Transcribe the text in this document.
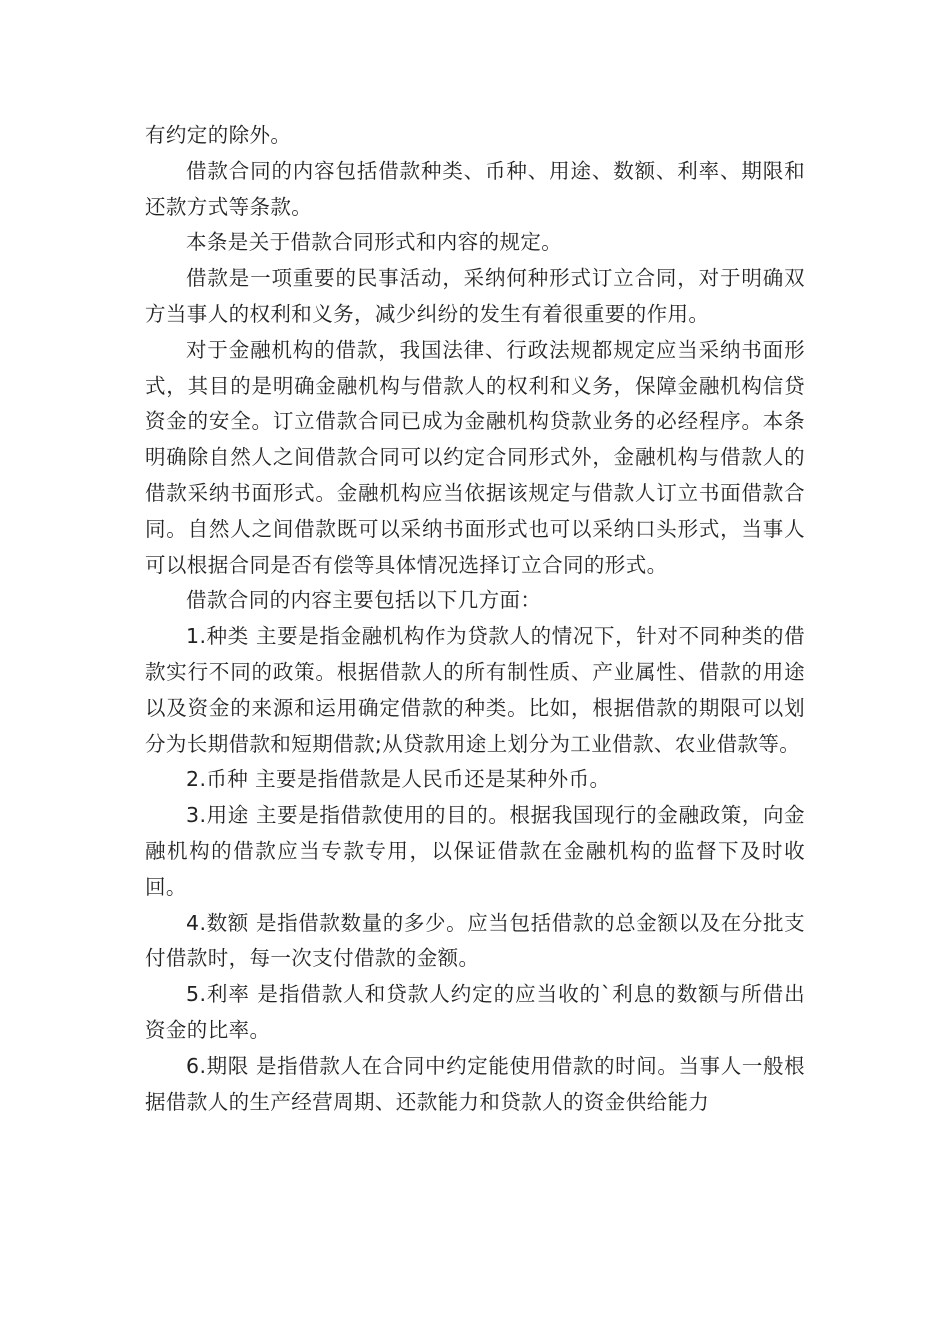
有约定的除外。

借款合同的内容包括借款种类、币种、用途、数额、利率、期限和还款方式等条款。

本条是关于借款合同形式和内容的规定。

借款是一项重要的民事活动，采纳何种形式订立合同，对于明确双方当事人的权利和义务，减少纠纷的发生有着很重要的作用。

对于金融机构的借款，我国法律、行政法规都规定应当采纳书面形式，其目的是明确金融机构与借款人的权利和义务，保障金融机构信贷资金的安全。订立借款合同已成为金融机构贷款业务的必经程序。本条明确除自然人之间借款合同可以约定合同形式外，金融机构与借款人的借款采纳书面形式。金融机构应当依据该规定与借款人订立书面借款合同。自然人之间借款既可以采纳书面形式也可以采纳口头形式，当事人可以根据合同是否有偿等具体情况选择订立合同的形式。

借款合同的内容主要包括以下几方面：

1.种类 主要是指金融机构作为贷款人的情况下，针对不同种类的借款实行不同的政策。根据借款人的所有制性质、产业属性、借款的用途以及资金的来源和运用确定借款的种类。比如，根据借款的期限可以划分为长期借款和短期借款;从贷款用途上划分为工业借款、农业借款等。

2.币种 主要是指借款是人民币还是某种外币。

3.用途 主要是指借款使用的目的。根据我国现行的金融政策，向金融机构的借款应当专款专用，以保证借款在金融机构的监督下及时收回。

4.数额 是指借款数量的多少。应当包括借款的总金额以及在分批支付借款时，每一次支付借款的金额。

5.利率 是指借款人和贷款人约定的应当收的`利息的数额与所借出资金的比率。

6.期限 是指借款人在合同中约定能使用借款的时间。当事人一般根据借款人的生产经营周期、还款能力和贷款人的资金供给能力
